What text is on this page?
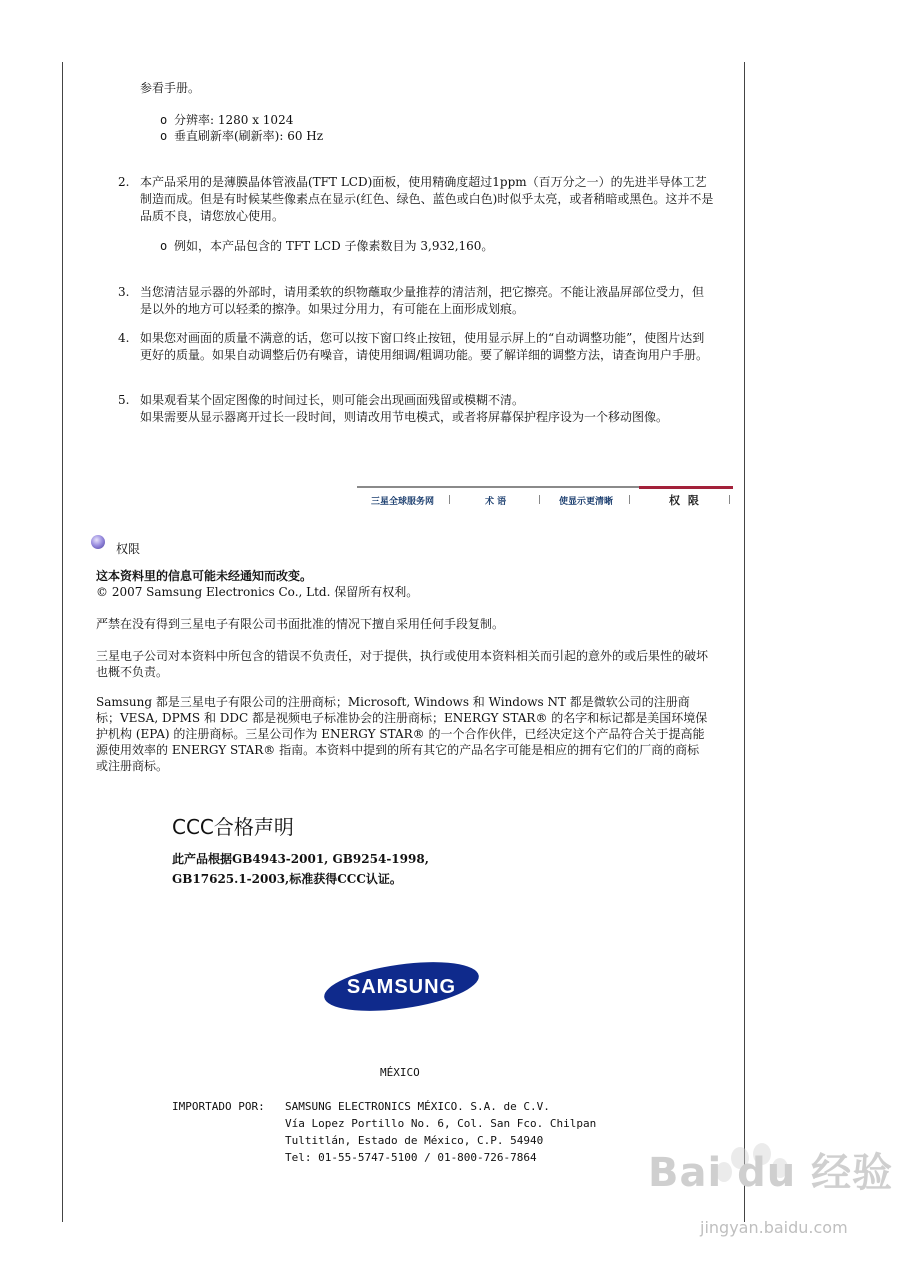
参看手册。
分辨率: 1280 x 1024
垂直刷新率(刷新率): 60 Hz
2. 本产品采用的是薄膜晶体管液晶(TFT LCD)面板，使用精确度超过1ppm（百万分之一）的先进半导体工艺制造而成。但是有时候某些像素点在显示(红色、绿色、蓝色或白色)时似乎太亮，或者稍暗或黑色。这并不是品质不良，请您放心使用。
例如，本产品包含的 TFT LCD 子像素数目为 3,932,160。
3. 当您清洁显示器的外部时，请用柔软的织物蘸取少量推荐的清洁剂，把它擦亮。不能让液晶屏部位受力，但是以外的地方可以轻柔的擦净。如果过分用力，有可能在上面形成划痕。
4. 如果您对画面的质量不满意的话，您可以按下窗口终止按钮，使用显示屏上的“自动调整功能”，使图片达到更好的质量。如果自动调整后仍有噪音，请使用细调/粗调功能。要了解详细的调整方法，请查询用户手册。
5. 如果观看某个固定图像的时间过长，则可能会出现画面残留或模糊不清。
如果需要从显示器离开过长一段时间，则请改用节电模式，或者将屏幕保护程序设为一个移动图像。
三星全球服务网	术 语	使显示更清晰	权 限
权限
这本资料里的信息可能未经通知而改变。
© 2007 Samsung Electronics Co., Ltd. 保留所有权利。
严禁在没有得到三星电子有限公司书面批准的情况下擅自采用任何手段复制。
三星电子公司对本资料中所包含的错误不负责任，对于提供，执行或使用本资料相关而引起的意外的或后果性的破坏也概不负责。
Samsung 都是三星电子有限公司的注册商标；Microsoft, Windows 和 Windows NT 都是微软公司的注册商标；VESA, DPMS 和 DDC 都是视频电子标准协会的注册商标；ENERGY STAR® 的名字和标记都是美国环境保护机构 (EPA) 的注册商标。三星公司作为 ENERGY STAR® 的一个合作伙伴，已经决定这个产品符合关于提高能源使用效率的 ENERGY STAR® 指南。本资料中提到的所有其它的产品名字可能是相应的拥有它们的厂商的商标或注册商标。
CCC合格声明
此产品根据GB4943-2001, GB9254-1998,
GB17625.1-2003,标准获得CCC认证。
SAMSUNG
MÉXICO
IMPORTADO POR: SAMSUNG ELECTRONICS MÉXICO. S.A. de C.V.
Vía Lopez Portillo No. 6, Col. San Fco. Chilpan
Tultitlán, Estado de México, C.P. 54940
Tel: 01-55-5747-5100 / 01-800-726-7864	Bai du 经验
jingyan.baidu.com
